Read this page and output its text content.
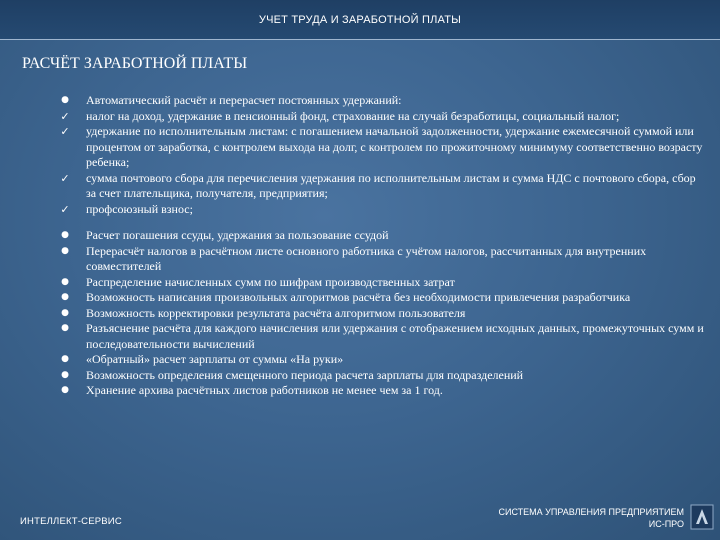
УЧЕТ ТРУДА И ЗАРАБОТНОЙ ПЛАТЫ
РАСЧЁТ ЗАРАБОТНОЙ ПЛАТЫ
● Автоматический расчёт и перерасчет постоянных удержаний:
✓ налог на доход, удержание в пенсионный фонд, страхование на случай безработицы, социальный налог;
✓ удержание по исполнительным листам: с погашением начальной задолженности, удержание ежемесячной суммой или процентом от заработка, с контролем выхода на долг, с контролем по прожиточному минимуму соответственно возрасту ребенка;
✓ сумма почтового сбора для перечисления удержания по исполнительным листам и сумма НДС с почтового сбора, сбор за счет плательщика, получателя, предприятия;
✓ профсоюзный взнос;
● Расчет погашения ссуды, удержания за пользование ссудой
● Перерасчёт налогов в расчётном листе основного работника с учётом налогов, рассчитанных для внутренних совместителей
● Распределение начисленных сумм по шифрам производственных затрат
● Возможность написания произвольных алгоритмов расчёта без необходимости привлечения разработчика
● Возможность корректировки результата расчёта алгоритмом пользователя
● Разъяснение расчёта для каждого начисления или удержания с отображением исходных данных, промежуточных сумм и последовательности вычислений
● «Обратный» расчет зарплаты от суммы «На руки»
● Возможность определения смещенного периода расчета зарплаты для подразделений
● Хранение архива расчётных листов работников не менее чем за 1 год.
ИНТЕЛЛЕКТ-СЕРВИС
СИСТЕМА УПРАВЛЕНИЯ ПРЕДПРИЯТИЕМ
ИС-ПРО
